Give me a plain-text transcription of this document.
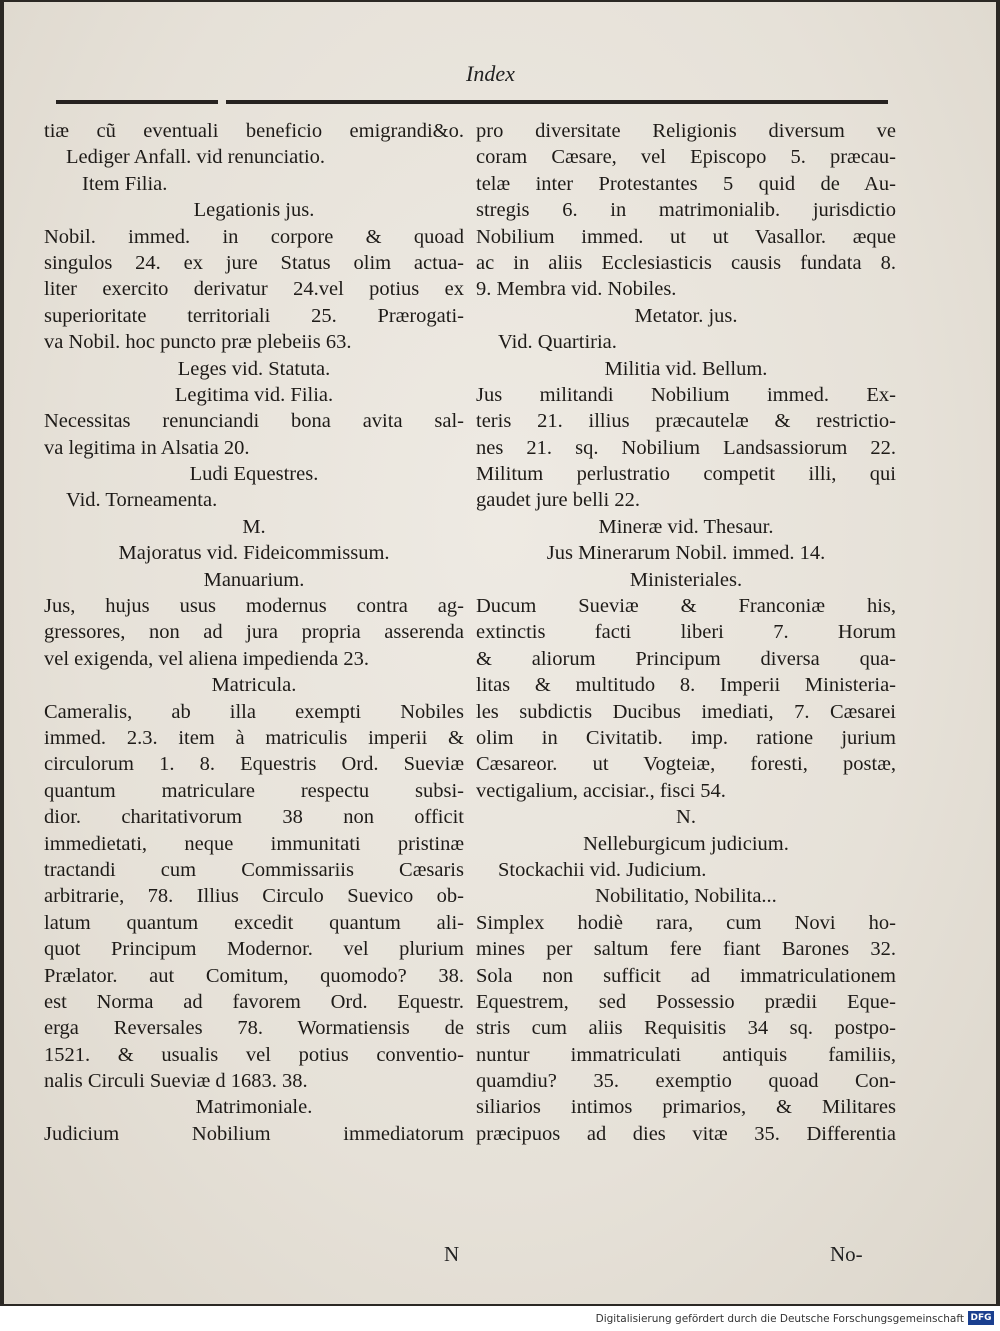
Index
tiæ cũ eventuali beneficio emigrandi&ο.
Lediger Anfall. vid renunciatio.
Item Filia.
Legationis jus.
Nobil. immed. in corpore & quoad
singulos 24. ex jure Status olim actua-
liter exercito derivatur 24.vel potius ex
superioritate territoriali 25. Prærogati-
va Nobil. hoc puncto præ plebeiis 63.
Leges vid. Statuta.
Legitima vid. Filia.
Necessitas renunciandi bona avita sal-
va legitima in Alsatia 20.
Ludi Equestres.
Vid. Torneamenta.
M.
Majoratus vid. Fideicommissum.
Manuarium.
Jus, hujus usus modernus contra ag-
gressores, non ad jura propria asserenda
vel exigenda, vel aliena impedienda 23.
Matricula.
Cameralis, ab illa exempti Nobiles
immed. 2.3. item à matriculis imperii &
circulorum 1. 8. Equestris Ord. Sueviæ
quantum matriculare respectu subsi-
dior. charitativorum 38 non officit
immedietati, neque immunitati pristinæ
tractandi cum Commissariis Cæsaris
arbitrarie, 78. Illius Circulo Suevico ob-
latum quantum excedit quantum ali-
quot Principum Modernor. vel plurium
Prælator. aut Comitum, quomodo? 38.
est Norma ad favorem Ord. Equestr.
erga Reversales 78. Wormatiensis de
1521. & usualis vel potius conventio-
nalis Circuli Sueviæ d 1683. 38.
Matrimoniale.
Judicium Nobilium immediatorum
pro diversitate Religionis diversum ve
coram Cæsare, vel Episcopo 5. præcau-
telæ inter Protestantes 5 quid de Au-
stregis 6. in matrimonialib. jurisdictio
Nobilium immed. ut ut Vasallor. æque
ac in aliis Ecclesiasticis causis fundata 8.
9. Membra vid. Nobiles.
Metator. jus.
Vid. Quartiria.
Militia vid. Bellum.
Jus militandi Nobilium immed. Ex-
teris 21. illius præcautelæ & restrictio-
nes 21. sq. Nobilium Landsassiorum 22.
Militum perlustratio competit illi, qui
gaudet jure belli 22.
Mineræ vid. Thesaur.
Jus Minerarum Nobil. immed. 14.
Ministeriales.
Ducum Sueviæ & Franconiæ his,
extinctis facti liberi 7. Horum
& aliorum Principum diversa qua-
litas & multitudo 8. Imperii Ministeria-
les subdictis Ducibus imediati, 7. Cæsarei
olim in Civitatib. imp. ratione jurium
Cæsareor. ut Vogteiæ, foresti, postæ,
vectigalium, accisiar., fisci 54.
N.
Nelleburgicum judicium.
Stockachii vid. Judicium.
Nobilitatio, Nobilita...
Simplex hodiè rara, cum Novi ho-
mines per saltum fere fiant Barones 32.
Sola non sufficit ad immatriculationem
Equestrem, sed Possessio prædii Eque-
stris cum aliis Requisitis 34 sq. postpo-
nuntur immatriculati antiquis familiis,
quamdiu? 35. exemptio quoad Con-
siliarios intimos primarios, & Militares
præcipuos ad dies vitæ 35. Differentia
N	No-
Digitalisierung gefördert durch die Deutsche Forschungsgemeinschaft DFG
